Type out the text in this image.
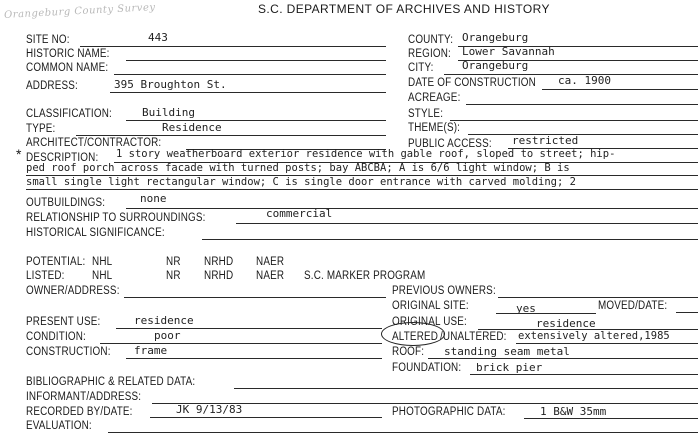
Orangeburg County Survey	S.C. DEPARTMENT OF ARCHIVES AND HISTORY
SITE NO:	443
HISTORIC NAME:
COMMON NAME:
ADDRESS:	395 Broughton St.
CLASSIFICATION:	Building
TYPE:	Residence
ARCHITECT/CONTRACTOR:
COUNTY: Orangeburg
REGION: Lower Savannah
CITY:	Orangeburg
DATE OF CONSTRUCTION ca. 1900
ACREAGE:
STYLE:
THEME(S):
PUBLIC ACCESS: restricted
* DESCRIPTION: 1 story weatherboard exterior residence with gable roof, sloped to street; hip-
ped roof porch across facade with turned posts; bay ABCBA; A is 6/6 light window; B is
small single light rectangular window; C is single door entrance with carved molding; 2
OUTBUILDINGS:	none
RELATIONSHIP TO SURROUNDINGS:	commercial
HISTORICAL SIGNIFICANCE:
POTENTIAL: NHL	NR NRHD NAER
LISTED: NHL	NR NRHD NAER S.C. MARKER PROGRAM
OWNER/ADDRESS:	PREVIOUS OWNERS:
ORIGINAL SITE:	yes	MOVED/DATE:
ORIGINAL USE:	residence
ALTERED /UNALTERED: extensively altered,1985
ROOF: standing seam metal
FOUNDATION: brick pier
PRESENT USE:	residence
CONDITION:	poor
CONSTRUCTION: frame
BIBLIOGRAPHIC & RELATED DATA:
INFORMANT/ADDRESS:
RECORDED BY/DATE:	JK 9/13/83	PHOTOGRAPHIC DATA:	1 B&W 35mm
EVALUATION:
